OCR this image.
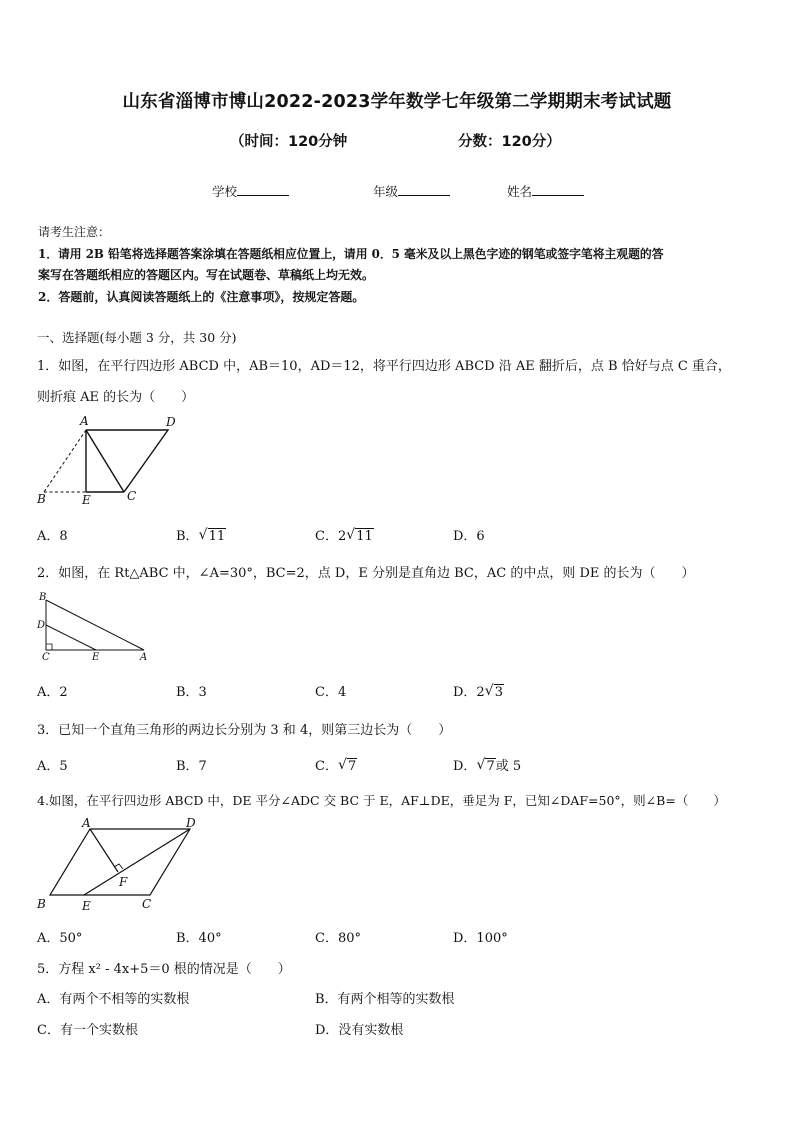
山东省淄博市博山2022-2023学年数学七年级第二学期期末考试试题
（时间：120分钟	分数：120分）
学校	年级	姓名
请考生注意：
1．请用 2B 铅笔将选择题答案涂填在答题纸相应位置上，请用 0．5 毫米及以上黑色字迹的钢笔或签字笔将主观题的答
案写在答题纸相应的答题区内。写在试题卷、草稿纸上均无效。
2．答题前，认真阅读答题纸上的《注意事项》，按规定答题。
一、选择题(每小题 3 分，共 30 分)
1．如图，在平行四边形 ABCD 中，AB＝10，AD＝12，将平行四边形 ABCD 沿 AE 翻折后，点 B 恰好与点 C 重合，
则折痕 AE 的长为（　　）
A	D
B	E	C
A．8	B． √ 11	C．2 √ 11	D．6
2．如图，在 Rt△ABC 中，∠A=30°，BC=2，点 D，E 分别是直角边 BC，AC 的中点，则 DE 的长为（　　）
B
D
C	E	A
A．2	B．3	C．4	D．2 √ 3
3．已知一个直角三角形的两边长分别为 3 和 4，则第三边长为（　　）
A．5	B．7	C． √ 7	D． √ 7或 5
4.如图，在平行四边形 ABCD 中，DE 平分∠ADC 交 BC 于 E，AF⊥DE，垂足为 F，已知∠DAF=50°，则∠B=（　　）
A	D
F
B	E	C
A．50°	B．40°	C．80°	D．100°
5．方程 x² - 4x+5＝0 根的情况是（　　）
A．有两个不相等的实数根	B．有两个相等的实数根
C．有一个实数根	D．没有实数根
